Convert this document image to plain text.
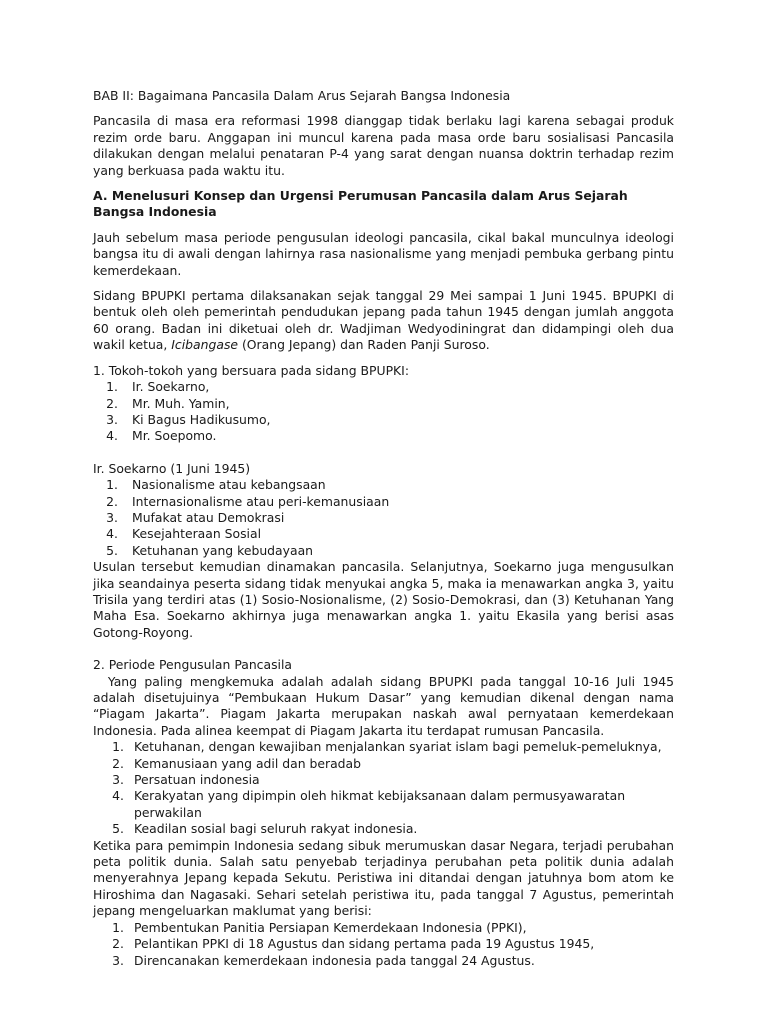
BAB II: Bagaimana Pancasila Dalam Arus Sejarah Bangsa Indonesia

Pancasila di masa era reformasi 1998 dianggap tidak berlaku lagi karena sebagai produk rezim orde baru. Anggapan ini muncul karena pada masa orde baru sosialisasi Pancasila dilakukan dengan melalui penataran P-4 yang sarat dengan nuansa doktrin terhadap rezim yang berkuasa pada waktu itu.

A. Menelusuri Konsep dan Urgensi Perumusan Pancasila dalam Arus Sejarah Bangsa Indonesia

Jauh sebelum masa periode pengusulan ideologi pancasila, cikal bakal munculnya ideologi bangsa itu di awali dengan lahirnya rasa nasionalisme yang menjadi pembuka gerbang pintu kemerdekaan.

Sidang BPUPKI pertama dilaksanakan sejak tanggal 29 Mei sampai 1 Juni 1945. BPUPKI di bentuk oleh oleh pemerintah pendudukan jepang pada tahun 1945 dengan jumlah anggota 60 orang. Badan ini diketuai oleh dr. Wadjiman Wedyodiningrat dan didampingi oleh dua wakil ketua, Icibangase (Orang Jepang) dan Raden Panji Suroso.

1. Tokoh-tokoh yang bersuara pada sidang BPUPKI:

1. Ir. Soekarno,
2. Mr. Muh. Yamin,
3. Ki Bagus Hadikusumo,
4. Mr. Soepomo.

Ir. Soekarno (1 Juni 1945)

1. Nasionalisme atau kebangsaan
2. Internasionalisme atau peri-kemanusiaan
3. Mufakat atau Demokrasi
4. Kesejahteraan Sosial
5. Ketuhanan yang kebudayaan

Usulan tersebut kemudian dinamakan pancasila. Selanjutnya, Soekarno juga mengusulkan jika seandainya peserta sidang tidak menyukai angka 5, maka ia menawarkan angka 3, yaitu Trisila yang terdiri atas (1) Sosio-Nosionalisme, (2) Sosio-Demokrasi, dan (3) Ketuhanan Yang Maha Esa. Soekarno akhirnya juga menawarkan angka 1. yaitu Ekasila yang berisi asas Gotong-Royong.

2. Periode Pengusulan Pancasila

Yang paling mengkemuka adalah adalah sidang BPUPKI pada tanggal 10-16 Juli 1945 adalah disetujuinya “Pembukaan Hukum Dasar” yang kemudian dikenal dengan nama “Piagam Jakarta”. Piagam Jakarta merupakan naskah awal pernyataan kemerdekaan Indonesia. Pada alinea keempat di Piagam Jakarta itu terdapat rumusan Pancasila.

1. Ketuhanan, dengan kewajiban menjalankan syariat islam bagi pemeluk-pemeluknya,
2. Kemanusiaan yang adil dan beradab
3. Persatuan indonesia
4. Kerakyatan yang dipimpin oleh hikmat kebijaksanaan dalam permusyawaratan perwakilan
5. Keadilan sosial bagi seluruh rakyat indonesia.

Ketika para pemimpin Indonesia sedang sibuk merumuskan dasar Negara, terjadi perubahan peta politik dunia. Salah satu penyebab terjadinya perubahan peta politik dunia adalah menyerahnya Jepang kepada Sekutu. Peristiwa ini ditandai dengan jatuhnya bom atom ke Hiroshima dan Nagasaki. Sehari setelah peristiwa itu, pada tanggal 7 Agustus, pemerintah jepang mengeluarkan maklumat yang berisi:

1. Pembentukan Panitia Persiapan Kemerdekaan Indonesia (PPKI),
2. Pelantikan PPKI di 18 Agustus dan sidang pertama pada 19 Agustus 1945,
3. Direncanakan kemerdekaan indonesia pada tanggal 24 Agustus.
